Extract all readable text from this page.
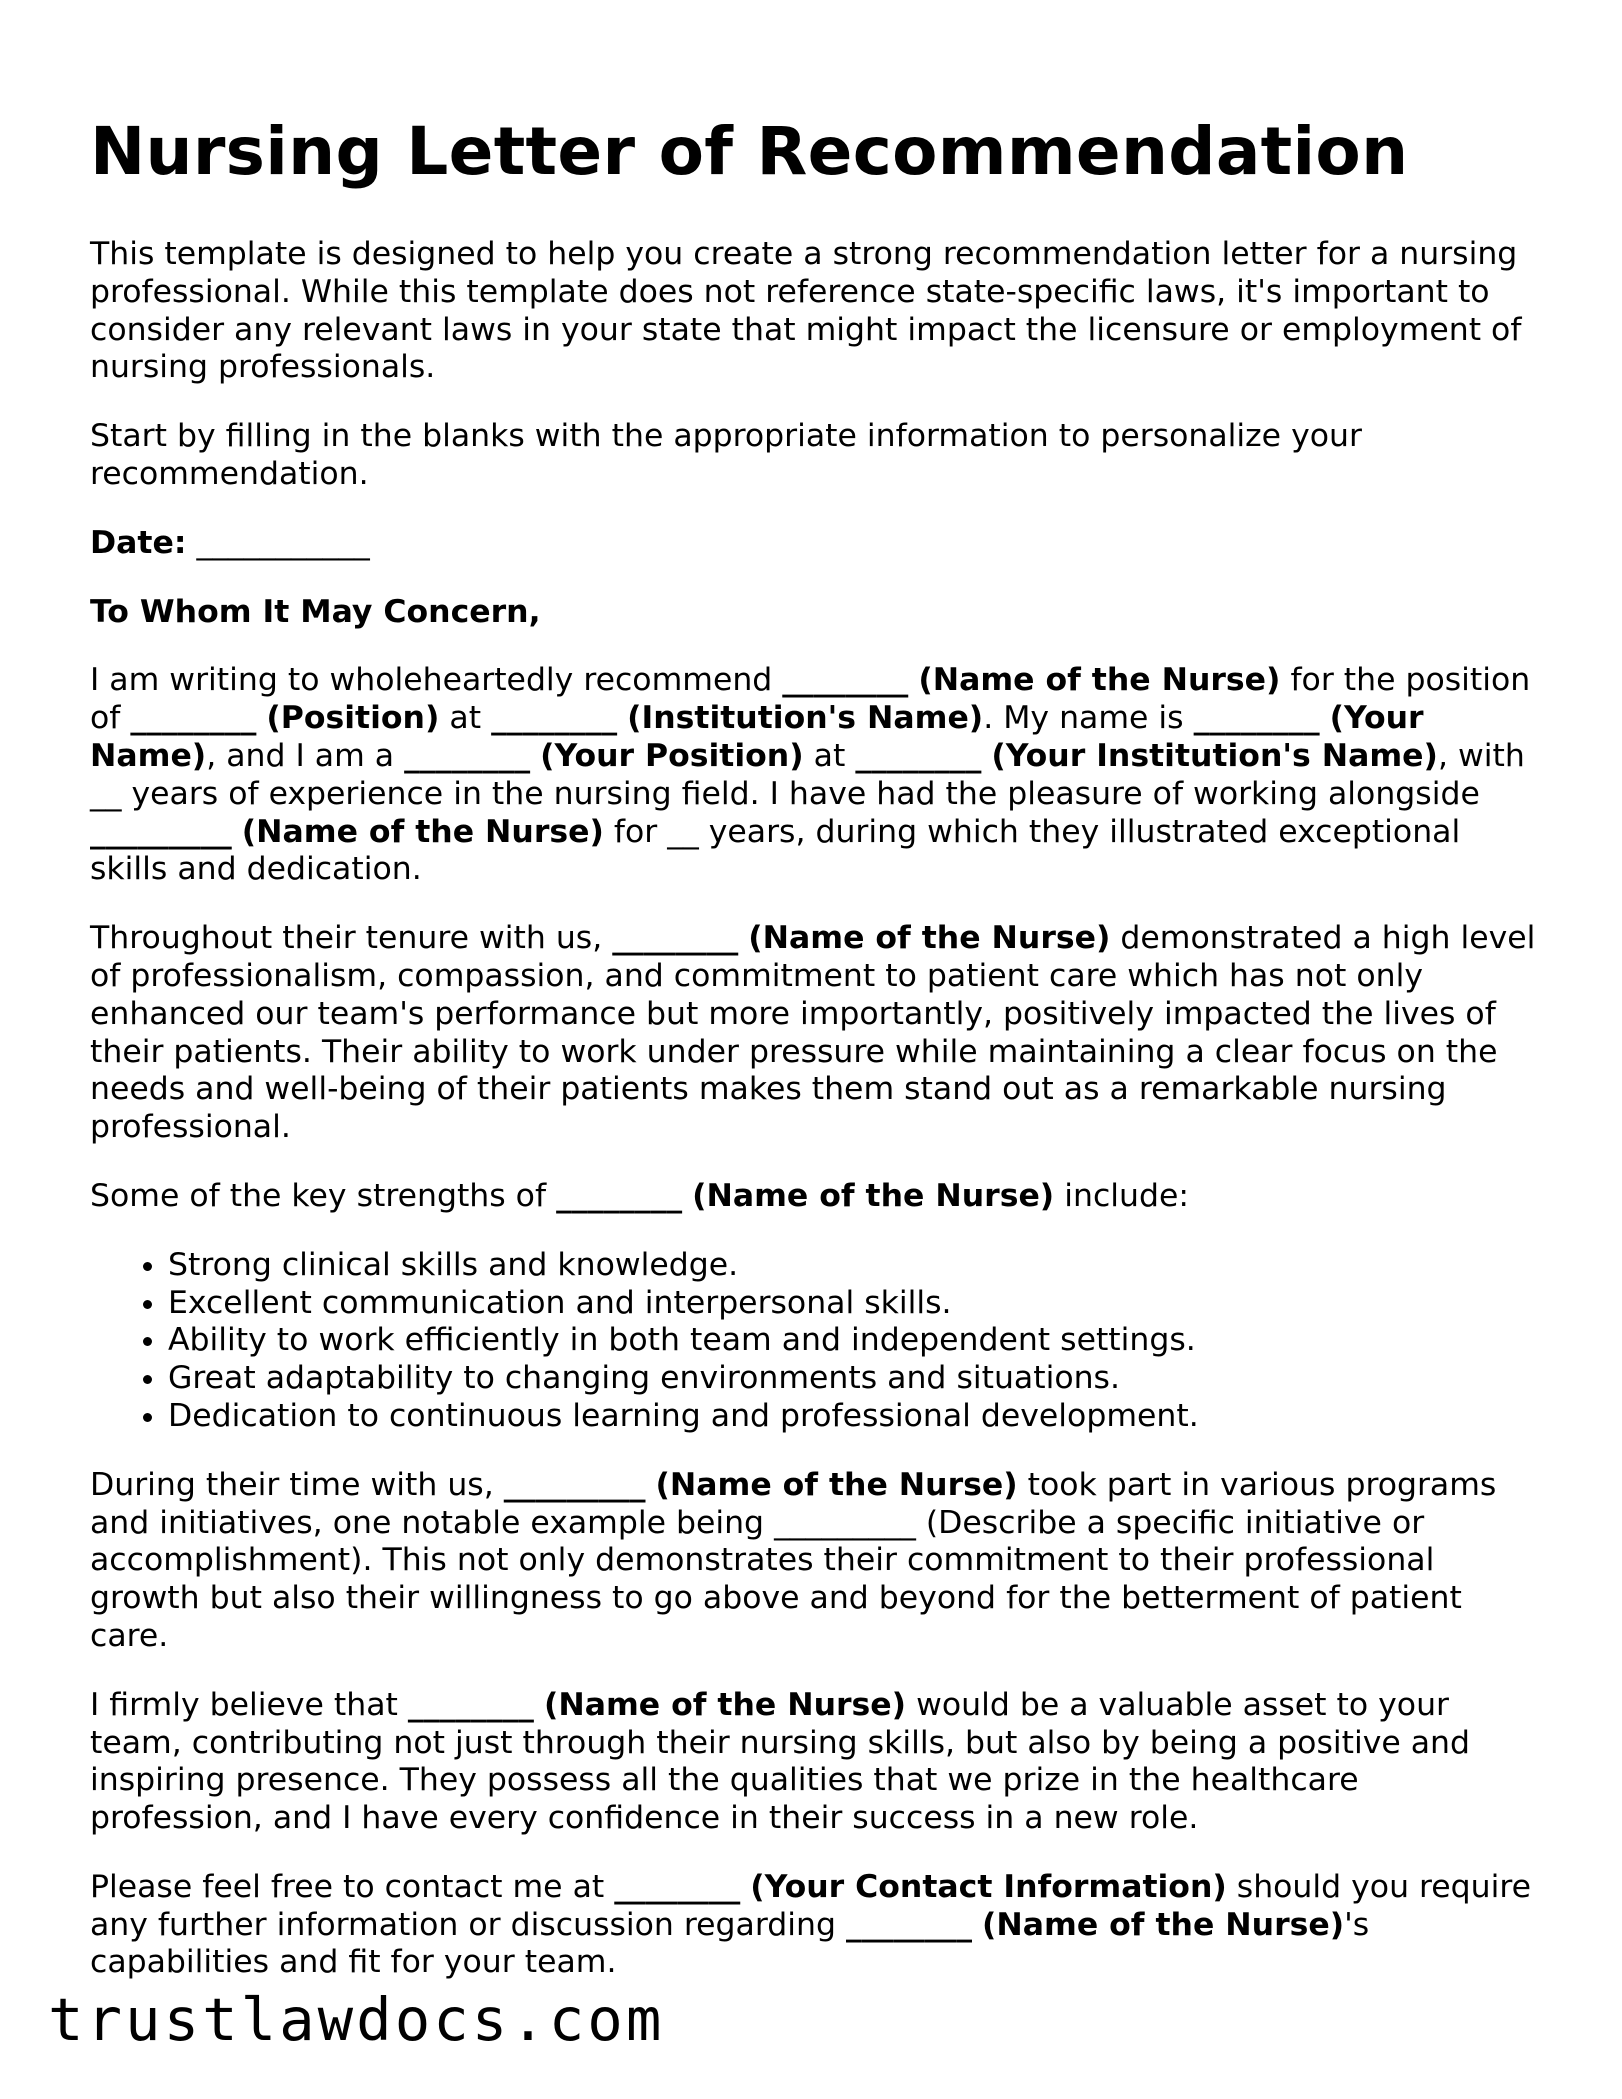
Nursing Letter of Recommendation

This template is designed to help you create a strong recommendation letter for a nursing professional. While this template does not reference state-specific laws, it's important to consider any relevant laws in your state that might impact the licensure or employment of nursing professionals.

Start by filling in the blanks with the appropriate information to personalize your recommendation.

Date: ___________

To Whom It May Concern,

I am writing to wholeheartedly recommend ________ (Name of the Nurse) for the position of ________ (Position) at ________ (Institution's Name). My name is ________ (Your Name), and I am a ________ (Your Position) at ________ (Your Institution's Name), with __ years of experience in the nursing field. I have had the pleasure of working alongside _________ (Name of the Nurse) for __ years, during which they illustrated exceptional skills and dedication.

Throughout their tenure with us, ________ (Name of the Nurse) demonstrated a high level of professionalism, compassion, and commitment to patient care which has not only enhanced our team's performance but more importantly, positively impacted the lives of their patients. Their ability to work under pressure while maintaining a clear focus on the needs and well-being of their patients makes them stand out as a remarkable nursing professional.

Some of the key strengths of ________ (Name of the Nurse) include:

• Strong clinical skills and knowledge.
• Excellent communication and interpersonal skills.
• Ability to work efficiently in both team and independent settings.
• Great adaptability to changing environments and situations.
• Dedication to continuous learning and professional development.

During their time with us, _________ (Name of the Nurse) took part in various programs and initiatives, one notable example being _________ (Describe a specific initiative or accomplishment). This not only demonstrates their commitment to their professional growth but also their willingness to go above and beyond for the betterment of patient care.

I firmly believe that ________ (Name of the Nurse) would be a valuable asset to your team, contributing not just through their nursing skills, but also by being a positive and inspiring presence. They possess all the qualities that we prize in the healthcare profession, and I have every confidence in their success in a new role.

Please feel free to contact me at ________ (Your Contact Information) should you require any further information or discussion regarding ________ (Name of the Nurse)'s capabilities and fit for your team.

trustlawdocs.com
